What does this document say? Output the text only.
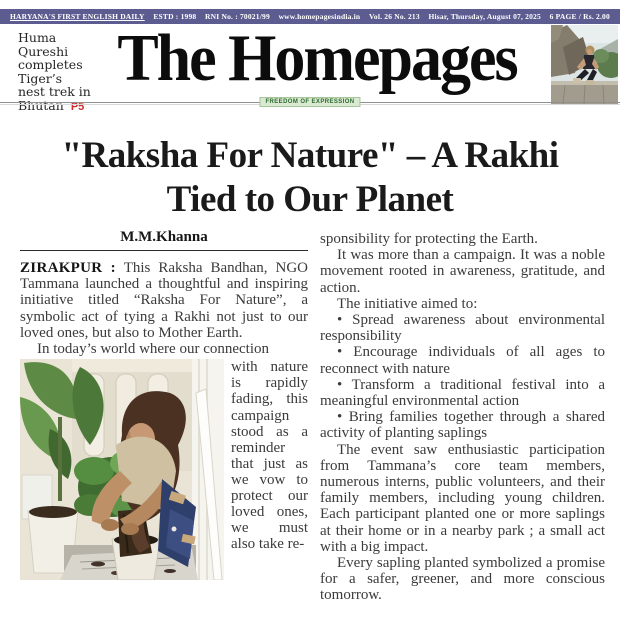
HARYANA'S FIRST ENGLISH DAILY ESTD : 1998 RNI No. : 70021/99 www.homepagesindia.in Vol. 26 No. 213 Hisar, Thursday, August 07, 2025 6 PAGE / Rs. 2.00
Huma
Qureshi
completes
Tiger’s
nest trek in
Bhutan P5
The Homepages
FREEDOM OF EXPRESSION
"Raksha For Nature" – A Rakhi
Tied to Our Planet
M.M.Khanna

ZIRAKPUR : This Raksha Bandhan, NGO Tammana launched a thoughtful and inspiring initiative titled “Raksha For Nature”, a symbolic act of tying a Rakhi not just to our loved ones, but also to Mother Earth.

In today’s world where our connection

with nature is rapidly fading, this campaign stood as a reminder that just as we vow to protect our loved ones, we must also take re-

sponsibility for protecting the Earth.

It was more than a campaign. It was a noble movement rooted in awareness, gratitude, and action.

The initiative aimed to:

• Spread awareness about environmental responsibility

• Encourage individuals of all ages to reconnect with nature

• Transform a traditional festival into a meaningful environmental action

• Bring families together through a shared activity of planting saplings

The event saw enthusiastic participation from Tammana’s core team members, numerous interns, public volunteers, and their family members, including young children. Each participant planted one or more saplings at their home or in a nearby park ; a small act with a big impact.

Every sapling planted symbolized a promise for a safer, greener, and more conscious tomorrow.
